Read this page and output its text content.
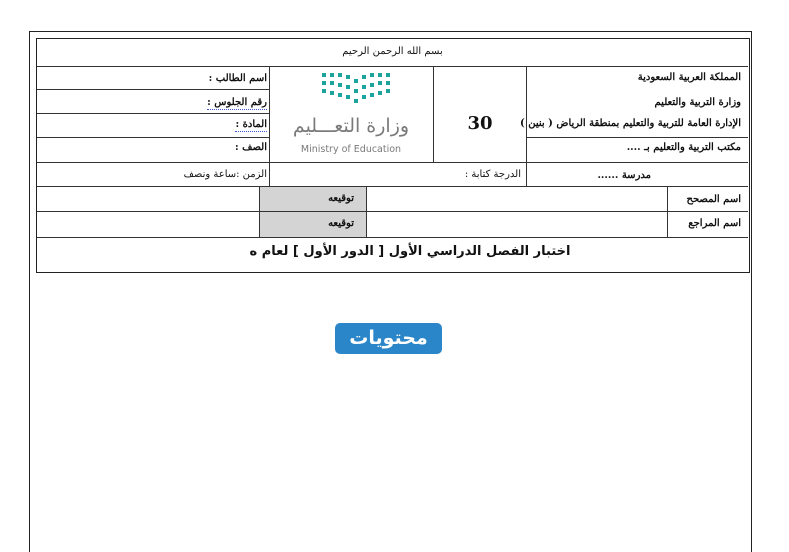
بسم الله الرحمن الرحيم
المملكة العربية السعودية
وزارة التربية والتعليم
الإدارة العامة للتربية والتعليم بمنطقة الرياض ( بنين )
مكتب التربية والتعليم بـ ....
مدرسة ......
30
الدرجة كتابة :
اسم الطالب :
رقم الجلوس :
المادة :
الصف :
الزمن :ساعة ونصف
وزارة التعـــليم
Ministry of Education
اسم المصحح
اسم المراجع
توقيعه
توقيعه
اختبار الفصل الدراسي الأول [ الدور الأول ] لعام ه
محتويات
